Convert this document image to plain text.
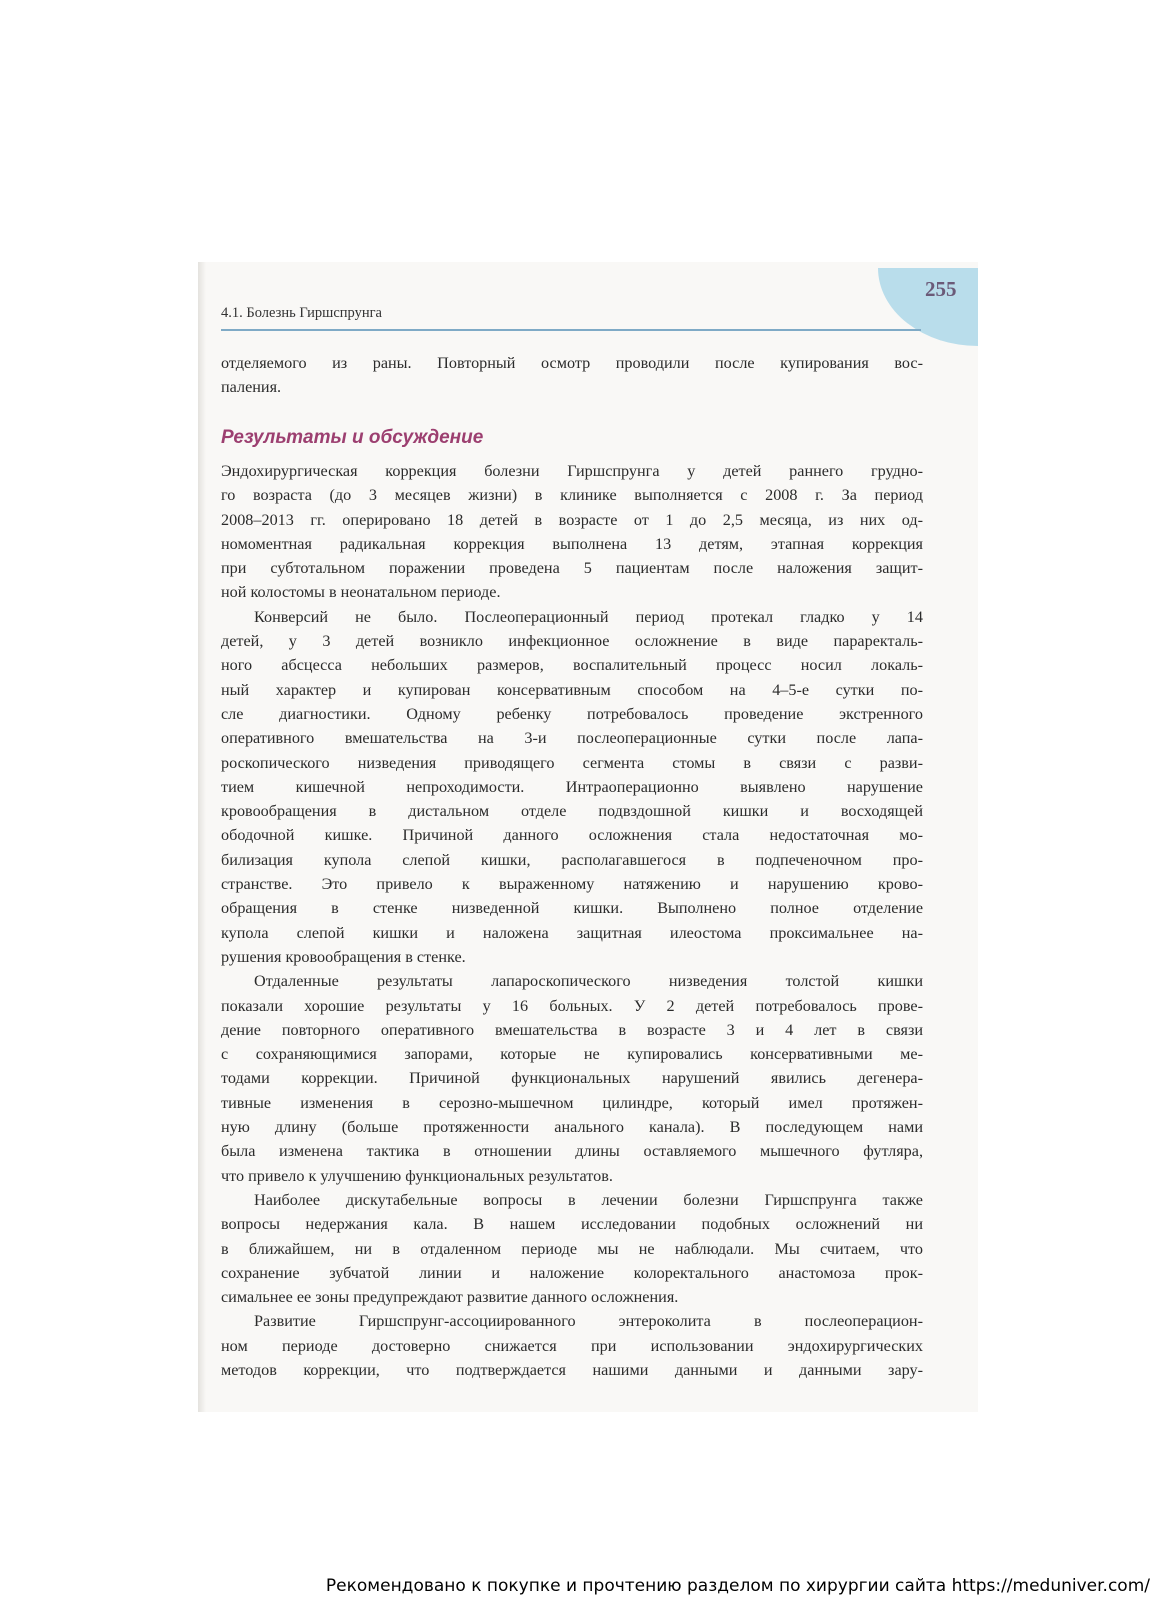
255
4.1. Болезнь Гиршспрунга
отделяемого из раны. Повторный осмотр проводили после купирования вос-
паления.
Результаты и обсуждение
Эндохирургическая коррекция болезни Гиршспрунга у детей раннего грудно-
го возраста (до 3 месяцев жизни) в клинике выполняется с 2008 г. За период
2008–2013 гг. оперировано 18 детей в возрасте от 1 до 2,5 месяца, из них од-
номоментная радикальная коррекция выполнена 13 детям, этапная коррекция
при субтотальном поражении проведена 5 пациентам после наложения защит-
ной колостомы в неонатальном периоде.
Конверсий не было. Послеоперационный период протекал гладко у 14
детей, у 3 детей возникло инфекционное осложнение в виде параректаль-
ного абсцесса небольших размеров, воспалительный процесс носил локаль-
ный характер и купирован консервативным способом на 4–5-е сутки по-
сле диагностики. Одному ребенку потребовалось проведение экстренного
оперативного вмешательства на 3-и послеоперационные сутки после лапа-
роскопического низведения приводящего сегмента стомы в связи с разви-
тием кишечной непроходимости. Интраоперационно выявлено нарушение
кровообращения в дистальном отделе подвздошной кишки и восходящей
ободочной кишке. Причиной данного осложнения стала недостаточная мо-
билизация купола слепой кишки, располагавшегося в подпеченочном про-
странстве. Это привело к выраженному натяжению и нарушению крово-
обращения в стенке низведенной кишки. Выполнено полное отделение
купола слепой кишки и наложена защитная илеостома проксимальнее на-
рушения кровообращения в стенке.
Отдаленные результаты лапароскопического низведения толстой кишки
показали хорошие результаты у 16 больных. У 2 детей потребовалось прове-
дение повторного оперативного вмешательства в возрасте 3 и 4 лет в связи
с сохраняющимися запорами, которые не купировались консервативными ме-
тодами коррекции. Причиной функциональных нарушений явились дегенера-
тивные изменения в серозно-мышечном цилиндре, который имел протяжен-
ную длину (больше протяженности анального канала). В последующем нами
была изменена тактика в отношении длины оставляемого мышечного футляра,
что привело к улучшению функциональных результатов.
Наиболее дискутабельные вопросы в лечении болезни Гиршспрунга также
вопросы недержания кала. В нашем исследовании подобных осложнений ни
в ближайшем, ни в отдаленном периоде мы не наблюдали. Мы считаем, что
сохранение зубчатой линии и наложение колоректального анастомоза прок-
симальнее ее зоны предупреждают развитие данного осложнения.
Развитие Гиршспрунг-ассоциированного энтероколита в послеоперацион-
ном периоде достоверно снижается при использовании эндохирургических
методов коррекции, что подтверждается нашими данными и данными зару-
Рекомендовано к покупке и прочтению разделом по хирургии сайта https://meduniver.com/
